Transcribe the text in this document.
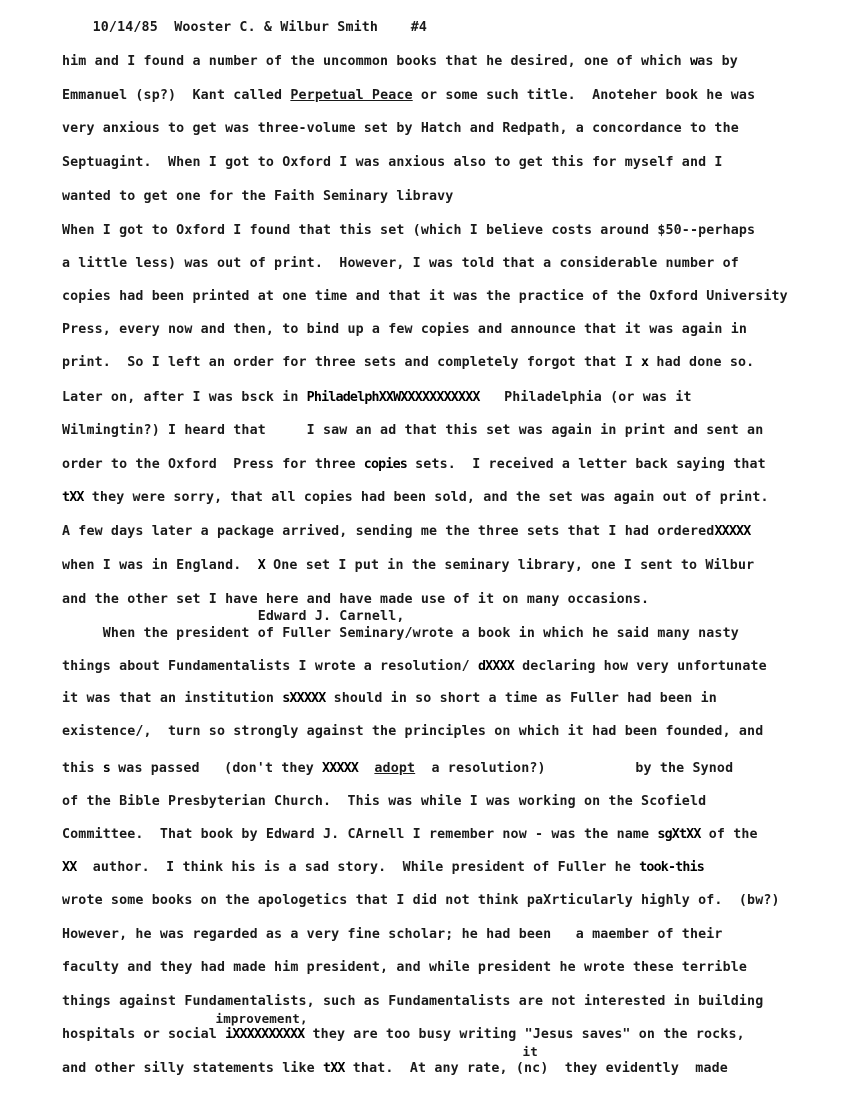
10/14/85 Wooster C. & Wilbur Smith #4

him and I found a number of the uncommon books that he desired, one of which was by
Emmanuel (sp?)  Kant called Perpetual Peace or some such title.  Anoteher book he was
very anxious to get was three-volume set by Hatch and Redpath, a concordance to the
Septuagint.  When I got to Oxford I was anxious also to get this for myself and I
wanted to get one for the Faith Seminary libravy
When I got to Oxford I found that this set (which I believe costs around $50--perhaps
a little less) was out of print.  However, I was told that a considerable number of
copies had been printed at one time and that it was the practice of the Oxford University
Press, every now and then, to bind up a few copies and announce that it was again in
print.  So I left an order for three sets and completely forgot that I x had done so.
Later on, after I was bsck in PhiladelphXXWXXXXXXXXXXX   Philadelphia (or was it
Wilmingtin?) I heard that     I saw an ad that this set was again in print and sent an
order to the Oxford  Press for three copies sets.  I received a letter back saying that
tXX they were sorry, that all copies had been sold, and the set was again out of print.
A few days later a package arrived, sending me the three sets that I had orderedXXXXX
when I was in England.  X One set I put in the seminary library, one I sent to Wilbur
and the other set I have here and have made use of it on many occasions.
Edward J. Carnell,
When the president of Fuller Seminary/wrote a book in which he said many nasty
things about Fundamentalists I wrote a resolution/ dXXXX declaring how very unfortunate
it was that an institution sXXXXX should in so short a time as Fuller had been in
existence/,  turn so strongly against the principles on which it had been founded, and
this s was passed   (don't they XXXXX adopt  a resolution?)           by the Synod
of the Bible Presbyterian Church.  This was while I was working on the Scofield
Committee.  That book by Edward J. CArnell I remember now - was the name sgXtXX of the
XX  author.  I think his is a sad story.  While president of Fuller he took-this
wrote some books on the apologetics that I did not think paXrticularly highly of.  (bw?)
However, he was regarded as a very fine scholar; he had been   a maember of their
faculty and they had made him president, and while president he wrote these terrible
things against Fundamentalists, such as Fundamentalists are not interested in building
improvement,
hospitals or social iXXXXXXXXXX they are too busy writing "Jesus saves" on the rocks,
it
and other silly statements like tXX that.  At any rate, (nc)  they evidently  made
